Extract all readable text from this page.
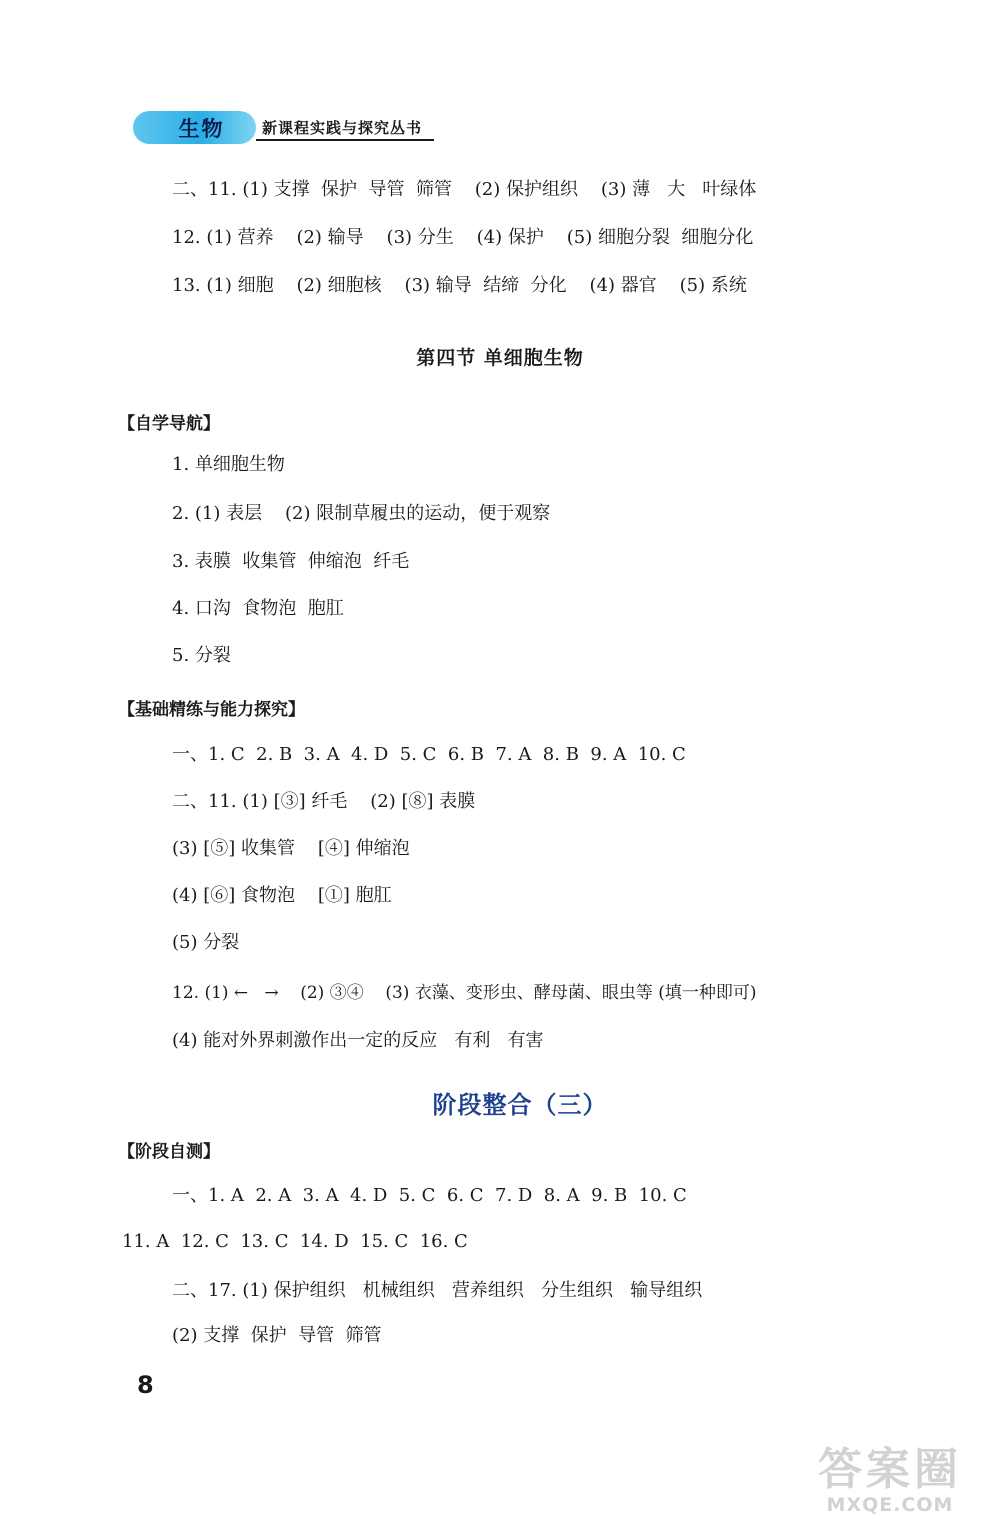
生物	新课程实践与探究丛书
二、11. (1) 支撑  保护  导管  筛管    (2) 保护组织    (3) 薄   大   叶绿体
12. (1) 营养    (2) 输导    (3) 分生    (4) 保护    (5) 细胞分裂  细胞分化
13. (1) 细胞    (2) 细胞核    (3) 输导  结缔  分化    (4) 器官    (5) 系统
第四节 单细胞生物
【自学导航】
1. 单细胞生物
2. (1) 表层    (2) 限制草履虫的运动，便于观察
3. 表膜  收集管  伸缩泡  纤毛
4. 口沟  食物泡  胞肛
5. 分裂
【基础精练与能力探究】
一、1. C  2. B  3. A  4. D  5. C  6. B  7. A  8. B  9. A  10. C
二、11. (1) [③] 纤毛    (2) [⑧] 表膜
(3) [⑤] 收集管    [④] 伸缩泡
(4) [⑥] 食物泡    [①] 胞肛
(5) 分裂
12. (1) ←   →    (2) ③④    (3) 衣藻、变形虫、酵母菌、眼虫等 (填一种即可)
(4) 能对外界刺激作出一定的反应   有利   有害
阶段整合（三）
【阶段自测】
一、1. A  2. A  3. A  4. D  5. C  6. C  7. D  8. A  9. B  10. C
11. A  12. C  13. C  14. D  15. C  16. C
二、17. (1) 保护组织   机械组织   营养组织   分生组织   输导组织
(2) 支撑  保护  导管  筛管
8
答案圈
MXQE.COM
